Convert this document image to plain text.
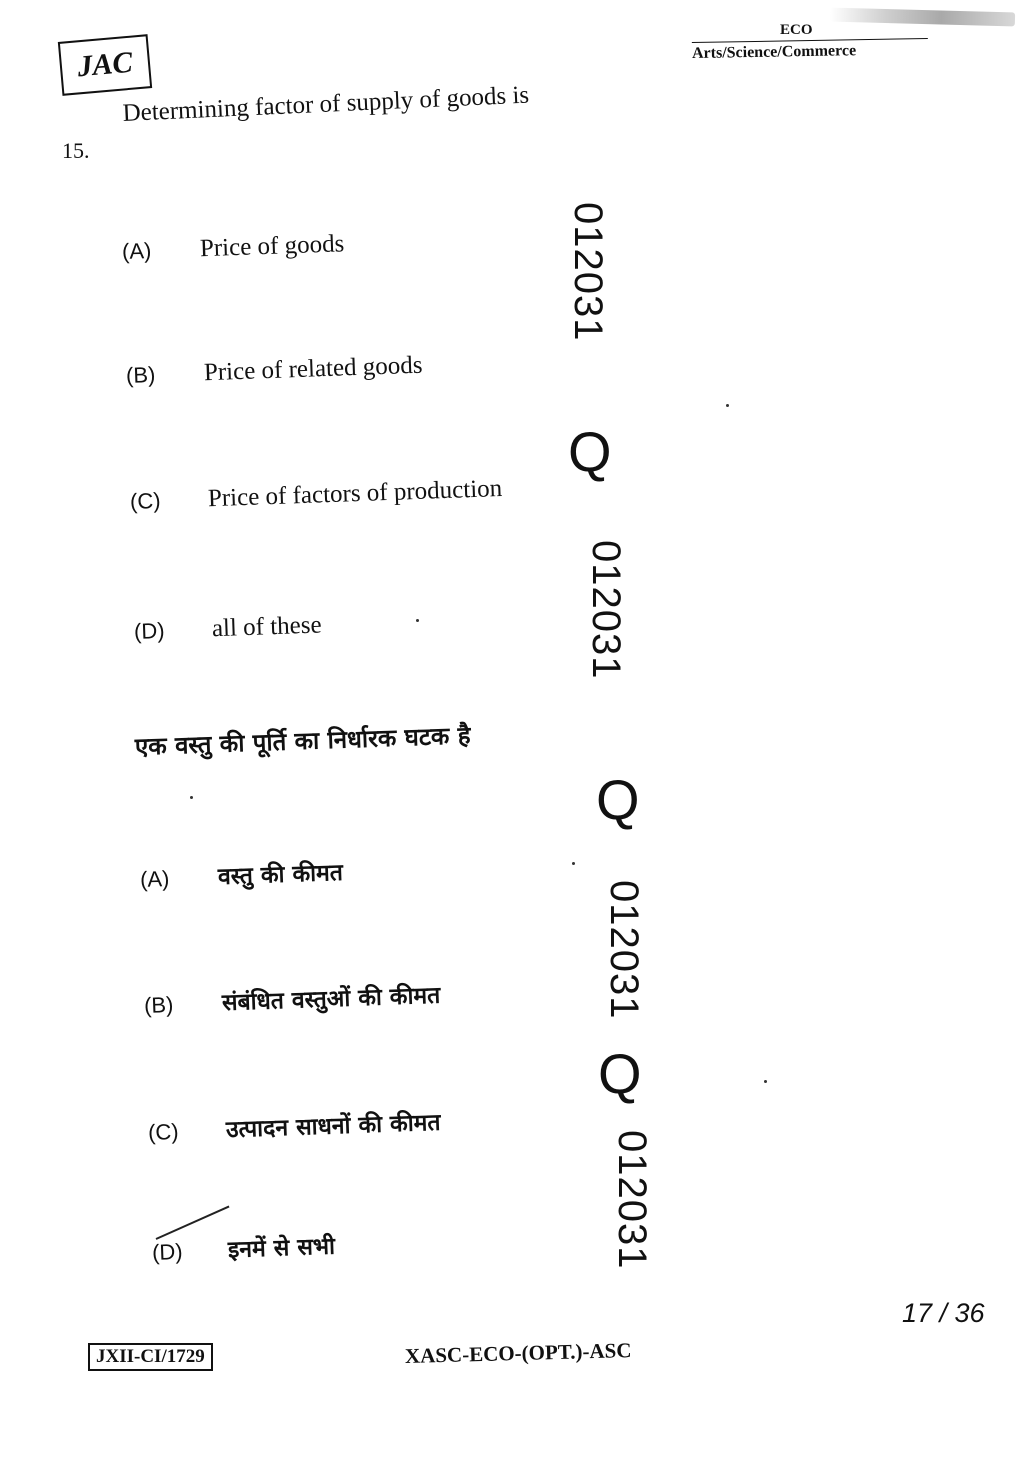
JAC
ECO
Arts/Science/Commerce
15.
Determining factor of supply of goods is
(A) Price of goods
(B) Price of related goods
(C) Price of factors of production
(D) all of these
एक वस्तु की पूर्ति का निर्धारक घटक है
(A) वस्तु की कीमत
(B) संबंधित वस्तुओं की कीमत
(C) उत्पादन साधनों की कीमत
(D) इनमें से सभी
012031
Q
012031
Q
012031
Q
012031
17 / 36
JXII-CI/1729	XASC-ECO-(OPT.)-ASC
